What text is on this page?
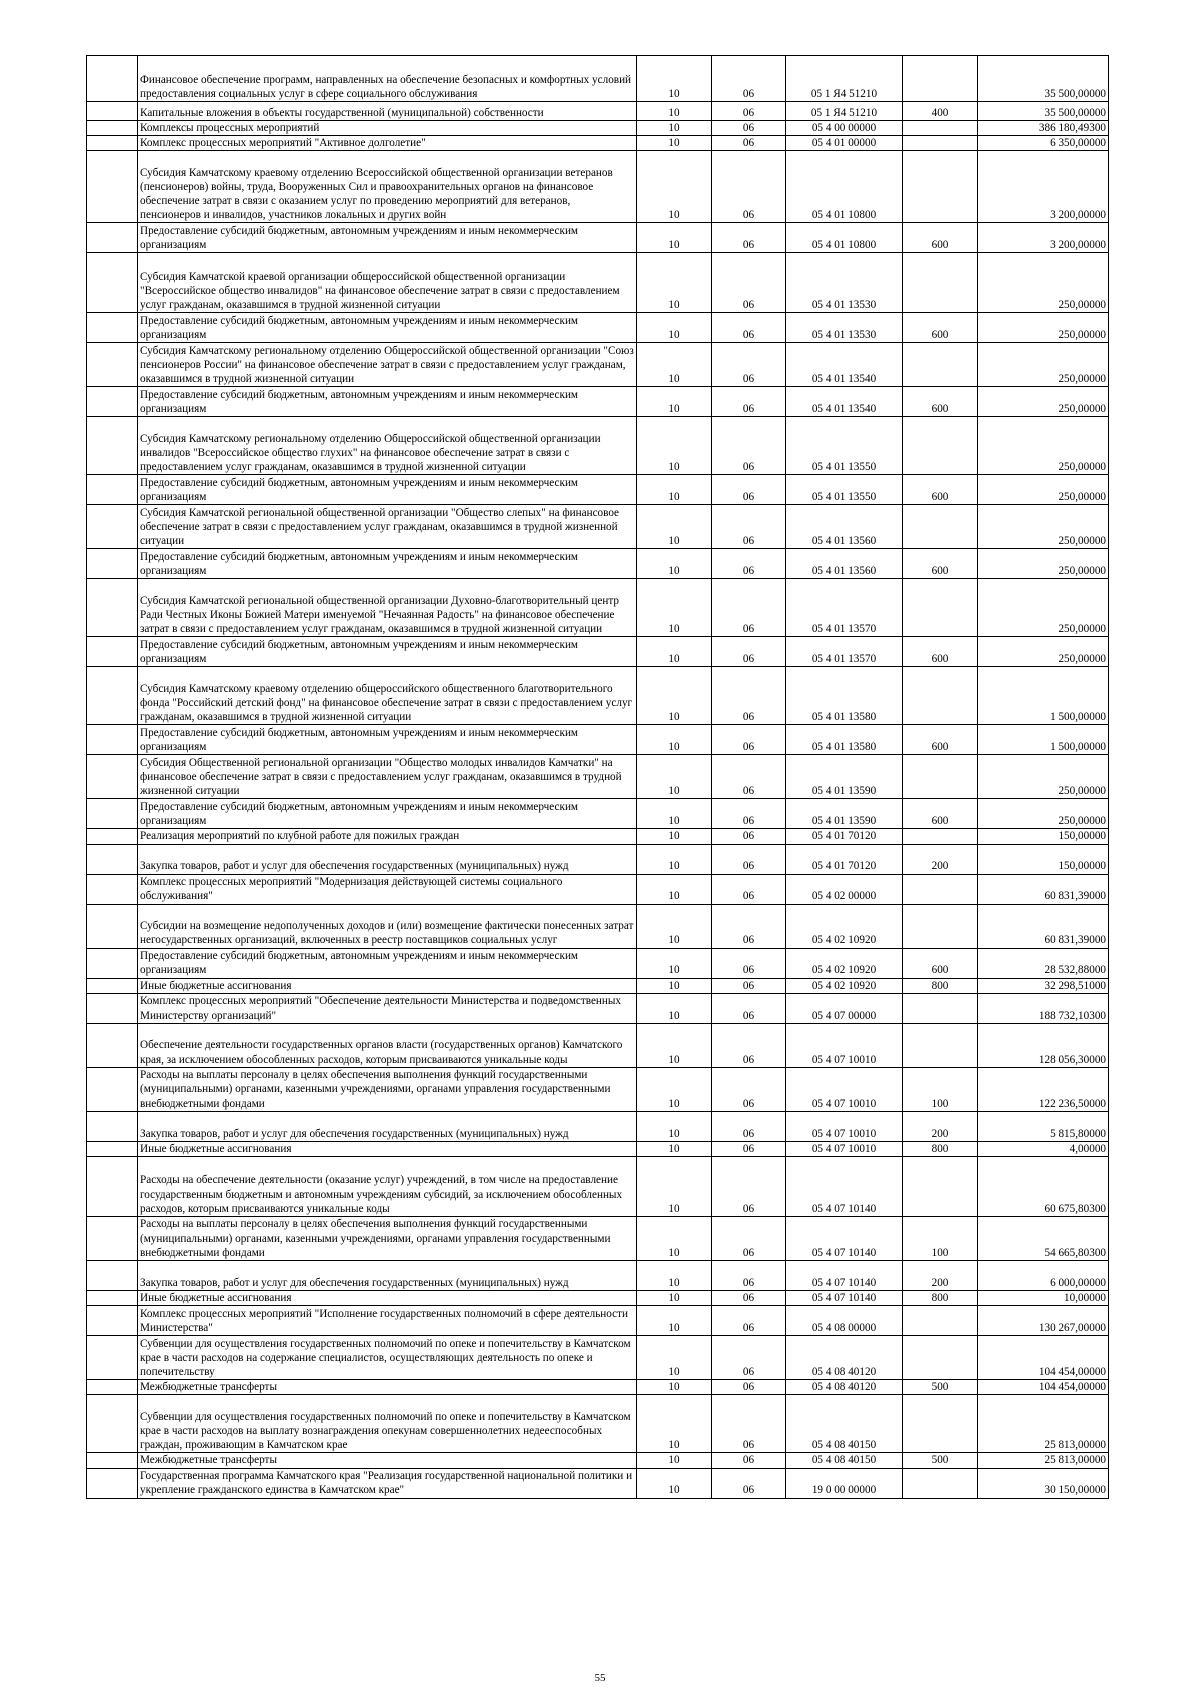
	Финансовое обеспечение программ, направленных на обеспечение безопасных и комфортных условий предоставления социальных услуг в сфере социального обслуживания	10	06	05 1 Я4 51210		35 500,00000
	Капитальные вложения в объекты государственной (муниципальной) собственности	10	06	05 1 Я4 51210	400	35 500,00000
	Комплексы процессных мероприятий	10	06	05 4 00 00000		386 180,49300
	Комплекс процессных мероприятий "Активное долголетие"	10	06	05 4 01 00000		6 350,00000
	Субсидия Камчатскому краевому отделению Всероссийской общественной организации ветеранов (пенсионеров) войны, труда, Вооруженных Сил и правоохранительных органов на финансовое обеспечение затрат в связи с оказанием услуг по проведению мероприятий для ветеранов, пенсионеров и инвалидов, участников локальных и других войн	10	06	05 4 01 10800		3 200,00000
	Предоставление субсидий бюджетным, автономным учреждениям и иным некоммерческим организациям	10	06	05 4 01 10800	600	3 200,00000
	Субсидия Камчатской краевой организации общероссийской общественной организации "Всероссийское общество инвалидов" на финансовое обеспечение затрат в связи с предоставлением услуг гражданам, оказавшимся в трудной жизненной ситуации	10	06	05 4 01 13530		250,00000
	Предоставление субсидий бюджетным, автономным учреждениям и иным некоммерческим организациям	10	06	05 4 01 13530	600	250,00000
	Субсидия Камчатскому региональному отделению Общероссийской общественной организации "Союз пенсионеров России" на финансовое обеспечение затрат в связи с предоставлением услуг гражданам, оказавшимся в трудной жизненной ситуации	10	06	05 4 01 13540		250,00000
	Предоставление субсидий бюджетным, автономным учреждениям и иным некоммерческим организациям	10	06	05 4 01 13540	600	250,00000
	Субсидия Камчатскому региональному отделению Общероссийской общественной организации инвалидов "Всероссийское общество глухих" на финансовое обеспечение затрат в связи с предоставлением услуг гражданам, оказавшимся в трудной жизненной ситуации	10	06	05 4 01 13550		250,00000
	Предоставление субсидий бюджетным, автономным учреждениям и иным некоммерческим организациям	10	06	05 4 01 13550	600	250,00000
	Субсидия Камчатской региональной общественной организации "Общество слепых" на финансовое обеспечение затрат в связи с предоставлением услуг гражданам, оказавшимся в трудной жизненной ситуации	10	06	05 4 01 13560		250,00000
	Предоставление субсидий бюджетным, автономным учреждениям и иным некоммерческим организациям	10	06	05 4 01 13560	600	250,00000
	Субсидия Камчатской региональной общественной организации Духовно-благотворительный центр Ради Честных Иконы Божией Матери именуемой "Нечаянная Радость" на финансовое обеспечение затрат в связи с предоставлением услуг гражданам, оказавшимся в трудной жизненной ситуации	10	06	05 4 01 13570		250,00000
	Предоставление субсидий бюджетным, автономным учреждениям и иным некоммерческим организациям	10	06	05 4 01 13570	600	250,00000
	Субсидия Камчатскому краевому отделению общероссийского общественного благотворительного фонда "Российский детский фонд" на финансовое обеспечение затрат в связи с предоставлением услуг гражданам, оказавшимся в трудной жизненной ситуации	10	06	05 4 01 13580		1 500,00000
	Предоставление субсидий бюджетным, автономным учреждениям и иным некоммерческим организациям	10	06	05 4 01 13580	600	1 500,00000
	Субсидия Общественной региональной организации "Общество молодых инвалидов Камчатки" на финансовое обеспечение затрат в связи с предоставлением услуг гражданам, оказавшимся в трудной жизненной ситуации	10	06	05 4 01 13590		250,00000
	Предоставление субсидий бюджетным, автономным учреждениям и иным некоммерческим организациям	10	06	05 4 01 13590	600	250,00000
	Реализация мероприятий по клубной работе для пожилых граждан	10	06	05 4 01 70120		150,00000
	Закупка товаров, работ и услуг для обеспечения государственных (муниципальных) нужд	10	06	05 4 01 70120	200	150,00000
	Комплекс процессных мероприятий "Модернизация действующей системы социального обслуживания"	10	06	05 4 02 00000		60 831,39000
	Субсидии на возмещение недополученных доходов и (или) возмещение фактически понесенных затрат негосударственных организаций, включенных в реестр поставщиков социальных услуг	10	06	05 4 02 10920		60 831,39000
	Предоставление субсидий бюджетным, автономным учреждениям и иным некоммерческим организациям	10	06	05 4 02 10920	600	28 532,88000
	Иные бюджетные ассигнования	10	06	05 4 02 10920	800	32 298,51000
	Комплекс процессных мероприятий "Обеспечение деятельности Министерства и подведомственных Министерству организаций"	10	06	05 4 07 00000		188 732,10300
	Обеспечение деятельности государственных органов власти (государственных органов) Камчатского края, за исключением обособленных расходов, которым присваиваются уникальные коды	10	06	05 4 07 10010		128 056,30000
	Расходы на выплаты персоналу в целях обеспечения выполнения функций государственными (муниципальными) органами, казенными учреждениями, органами управления государственными внебюджетными фондами	10	06	05 4 07 10010	100	122 236,50000
	Закупка товаров, работ и услуг для обеспечения государственных (муниципальных) нужд	10	06	05 4 07 10010	200	5 815,80000
	Иные бюджетные ассигнования	10	06	05 4 07 10010	800	4,00000
	Расходы на обеспечение деятельности (оказание услуг) учреждений, в том числе на предоставление государственным бюджетным и автономным учреждениям субсидий, за исключением обособленных расходов, которым присваиваются уникальные коды	10	06	05 4 07 10140		60 675,80300
	Расходы на выплаты персоналу в целях обеспечения выполнения функций государственными (муниципальными) органами, казенными учреждениями, органами управления государственными внебюджетными фондами	10	06	05 4 07 10140	100	54 665,80300
	Закупка товаров, работ и услуг для обеспечения государственных (муниципальных) нужд	10	06	05 4 07 10140	200	6 000,00000
	Иные бюджетные ассигнования	10	06	05 4 07 10140	800	10,00000
	Комплекс процессных мероприятий "Исполнение государственных полномочий в сфере деятельности Министерства"	10	06	05 4 08 00000		130 267,00000
	Субвенции для осуществления государственных полномочий по опеке и попечительству в Камчатском крае в части расходов на содержание специалистов, осуществляющих деятельность по опеке и попечительству	10	06	05 4 08 40120		104 454,00000
	Межбюджетные трансферты	10	06	05 4 08 40120	500	104 454,00000
	Субвенции для осуществления государственных полномочий по опеке и попечительству в Камчатском крае в части расходов на выплату вознаграждения опекунам совершеннолетних недееспособных граждан, проживающим в Камчатском крае	10	06	05 4 08 40150		25 813,00000
	Межбюджетные трансферты	10	06	05 4 08 40150	500	25 813,00000
	Государственная программа Камчатского края "Реализация государственной национальной политики и укрепление гражданского единства в Камчатском крае"	10	06	19 0 00 00000		30 150,00000
55
